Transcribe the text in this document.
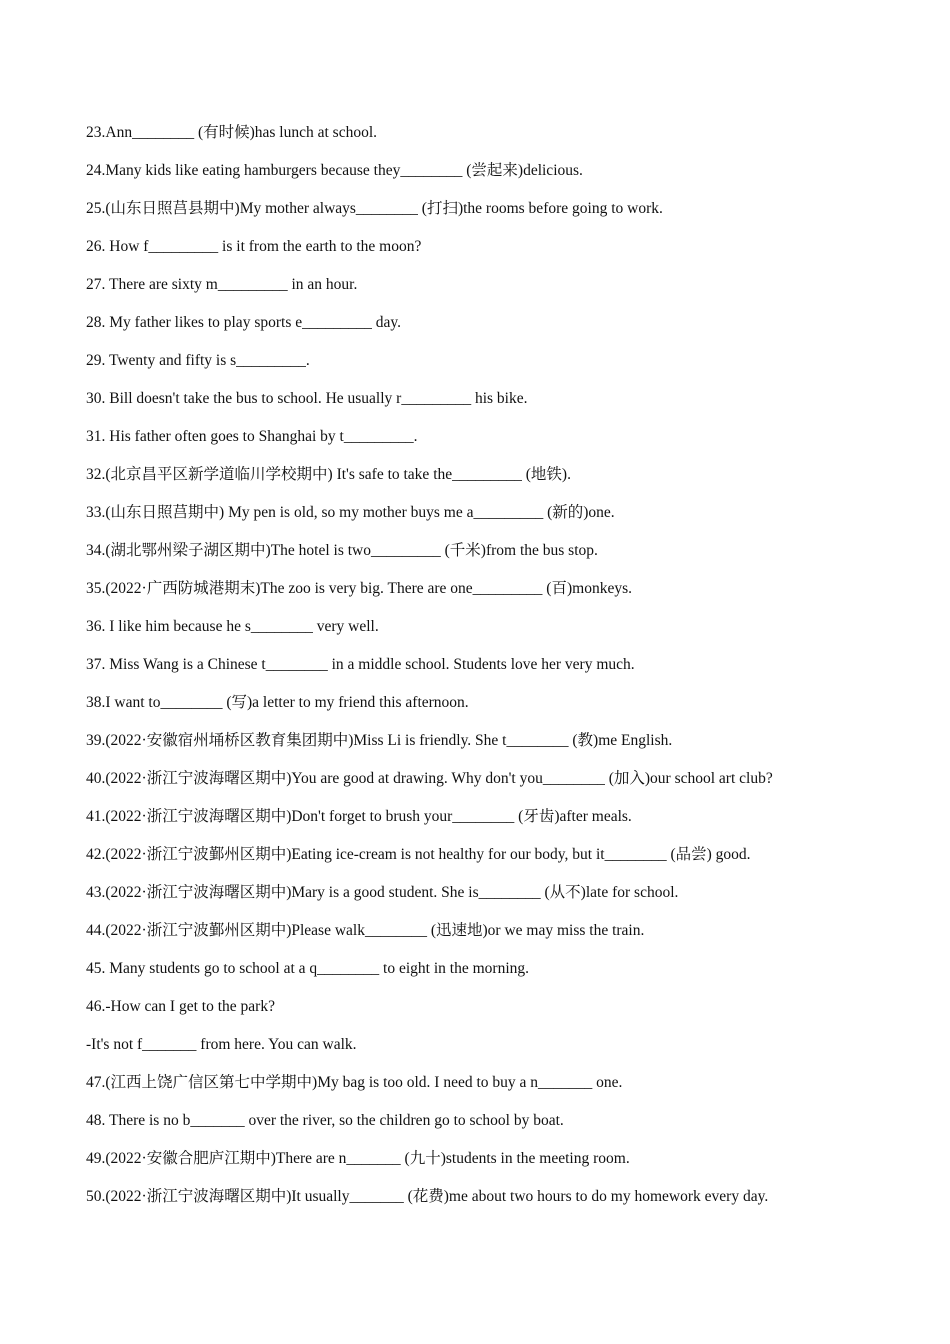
23.Ann________ (有时候)has lunch at school.
24.Many kids like eating hamburgers because they________ (尝起来)delicious.
25.(山东日照莒县期中)My mother always________ (打扫)the rooms before going to work.
26. How f_________ is it from the earth to the moon?
27. There are sixty m_________ in an hour.
28. My father likes to play sports e_________ day.
29. Twenty and fifty is s_________.
30. Bill doesn't take the bus to school. He usually r_________ his bike.
31. His father often goes to Shanghai by t_________.
32.(北京昌平区新学道临川学校期中) It's safe to take the_________ (地铁).
33.(山东日照莒期中) My pen is old, so my mother buys me a_________ (新的)one.
34.(湖北鄂州梁子湖区期中)The hotel is two_________ (千米)from the bus stop.
35.(2022·广西防城港期末)The zoo is very big. There are one_________ (百)monkeys.
36. I like him because he s________ very well.
37. Miss Wang is a Chinese t________ in a middle school. Students love her very much.
38.I want to________ (写)a letter to my friend this afternoon.
39.(2022·安徽宿州埇桥区教育集团期中)Miss Li is friendly. She t________ (教)me English.
40.(2022·浙江宁波海曙区期中)You are good at drawing. Why don't you________ (加入)our school art club?
41.(2022·浙江宁波海曙区期中)Don't forget to brush your________ (牙齿)after meals.
42.(2022·浙江宁波鄞州区期中)Eating ice-cream is not healthy for our body, but it________ (品尝) good.
43.(2022·浙江宁波海曙区期中)Mary is a good student. She is________ (从不)late for school.
44.(2022·浙江宁波鄞州区期中)Please walk________ (迅速地)or we may miss the train.
45. Many students go to school at a q________ to eight in the morning.
46.-How can I get to the park?
-It's not f_______ from here. You can walk.
47.(江西上饶广信区第七中学期中)My bag is too old. I need to buy a n_______ one.
48. There is no b_______ over the river, so the children go to school by boat.
49.(2022·安徽合肥庐江期中)There are n_______ (九十)students in the meeting room.
50.(2022·浙江宁波海曙区期中)It usually_______ (花费)me about two hours to do my homework every day.
